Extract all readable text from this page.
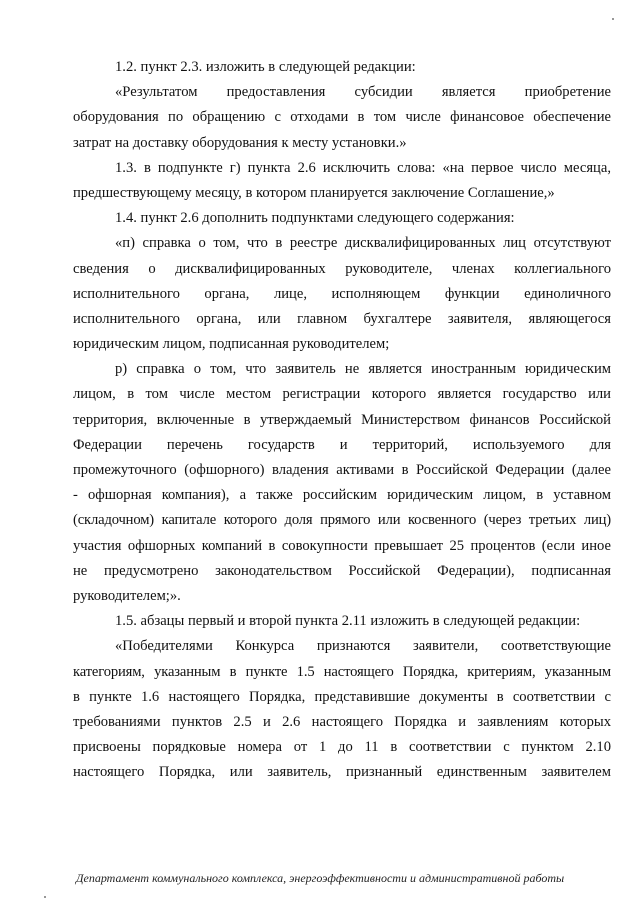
1.2. пункт 2.3. изложить в следующей редакции:
«Результатом предоставления субсидии является приобретение
оборудования по обращению с отходами в том числе финансовое обеспечение
затрат на доставку оборудования к месту установки.»
1.3. в подпункте г) пункта 2.6 исключить слова: «на первое число месяца,
предшествующему месяцу, в котором планируется заключение Соглашение,»
1.4. пункт 2.6 дополнить подпунктами следующего содержания:
«п) справка о том, что в реестре дисквалифицированных лиц отсутствуют
сведения о дисквалифицированных руководителе, членах коллегиального
исполнительного органа, лице, исполняющем функции единоличного
исполнительного органа, или главном бухгалтере заявителя, являющегося
юридическим лицом, подписанная руководителем;
р) справка о том, что заявитель не является иностранным юридическим
лицом, в том числе местом регистрации которого является государство или
территория, включенные в утверждаемый Министерством финансов Российской
Федерации перечень государств и территорий, используемого для
промежуточного (офшорного) владения активами в Российской Федерации (далее
- офшорная компания), а также российским юридическим лицом, в уставном
(складочном) капитале которого доля прямого или косвенного (через третьих лиц)
участия офшорных компаний в совокупности превышает 25 процентов (если иное
не предусмотрено законодательством Российской Федерации), подписанная
руководителем;».
1.5. абзацы первый и второй пункта 2.11 изложить в следующей редакции:
«Победителями Конкурса признаются заявители, соответствующие
категориям, указанным в пункте 1.5 настоящего Порядка, критериям, указанным
в пункте 1.6 настоящего Порядка, представившие документы в соответствии с
требованиями пунктов 2.5 и 2.6 настоящего Порядка и заявлениям которых
присвоены порядковые номера от 1 до 11 в соответствии с пунктом 2.10
настоящего Порядка, или заявитель, признанный единственным заявителем
Департамент коммунального комплекса, энергоэффективности и административной работы
